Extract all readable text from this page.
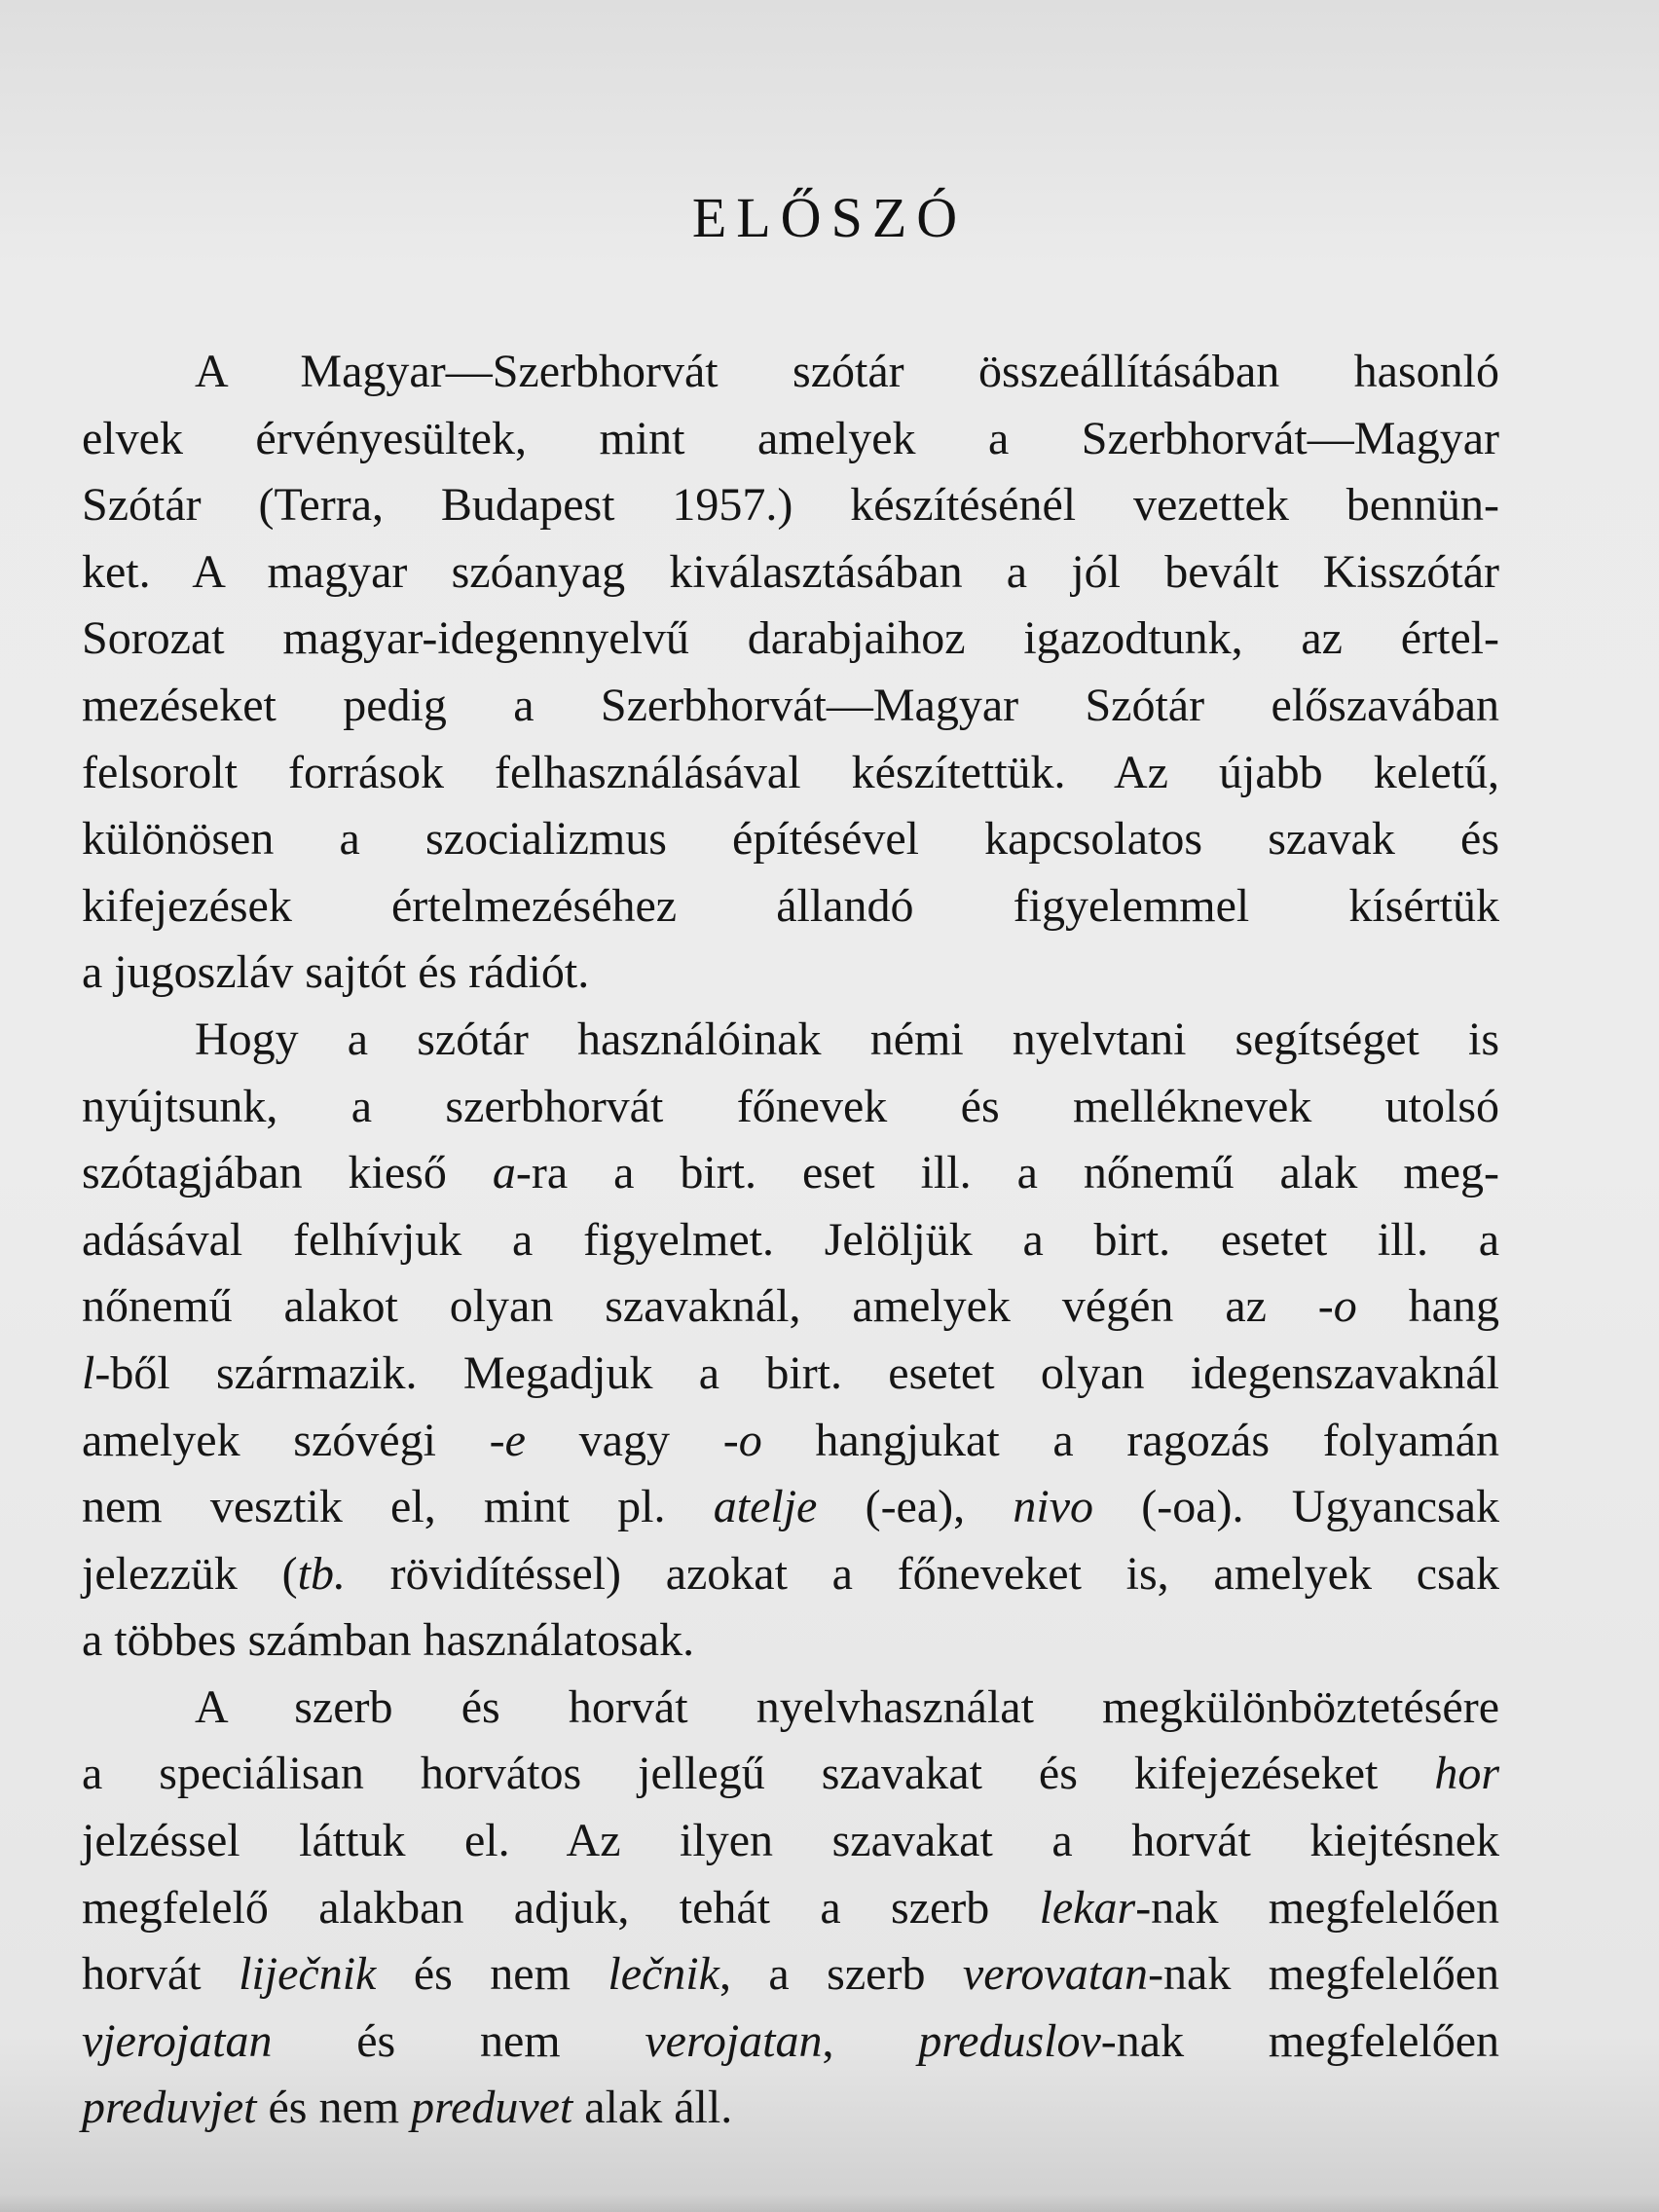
ELŐSZÓ
A Magyar—Szerbhorvát szótár összeállításában hasonló
elvek érvényesültek, mint amelyek a Szerbhorvát—Magyar
Szótár (Terra, Budapest 1957.) készítésénél vezettek bennün-
ket. A magyar szóanyag kiválasztásában a jól bevált Kisszótár
Sorozat magyar-idegennyelvű darabjaihoz igazodtunk, az értel-
mezéseket pedig a Szerbhorvát—Magyar Szótár előszavában
felsorolt források felhasználásával készítettük. Az újabb keletű,
különösen a szocializmus építésével kapcsolatos szavak és
kifejezések értelmezéséhez állandó figyelemmel kísértük
a jugoszláv sajtót és rádiót.
Hogy a szótár használóinak némi nyelvtani segítséget is
nyújtsunk, a szerbhorvát főnevek és melléknevek utolsó
szótagjában kieső a-ra a birt. eset ill. a nőnemű alak meg-
adásával felhívjuk a figyelmet. Jelöljük a birt. esetet ill. a
nőnemű alakot olyan szavaknál, amelyek végén az -o hang
l-ből származik. Megadjuk a birt. esetet olyan idegenszavaknál
amelyek szóvégi -e vagy -o hangjukat a ragozás folyamán
nem vesztik el, mint pl. atelje (-ea), nivo (-oa). Ugyancsak
jelezzük (tb. rövidítéssel) azokat a főneveket is, amelyek csak
a többes számban használatosak.
A szerb és horvát nyelvhasználat megkülönböztetésére
a speciálisan horvátos jellegű szavakat és kifejezéseket hor
jelzéssel láttuk el. Az ilyen szavakat a horvát kiejtésnek
megfelelő alakban adjuk, tehát a szerb lekar-nak megfelelően
horvát liječnik és nem lečnik, a szerb verovatan-nak megfelelően
vjerojatan és nem verojatan, preduslov-nak megfelelően
preduvjet és nem preduvet alak áll.
